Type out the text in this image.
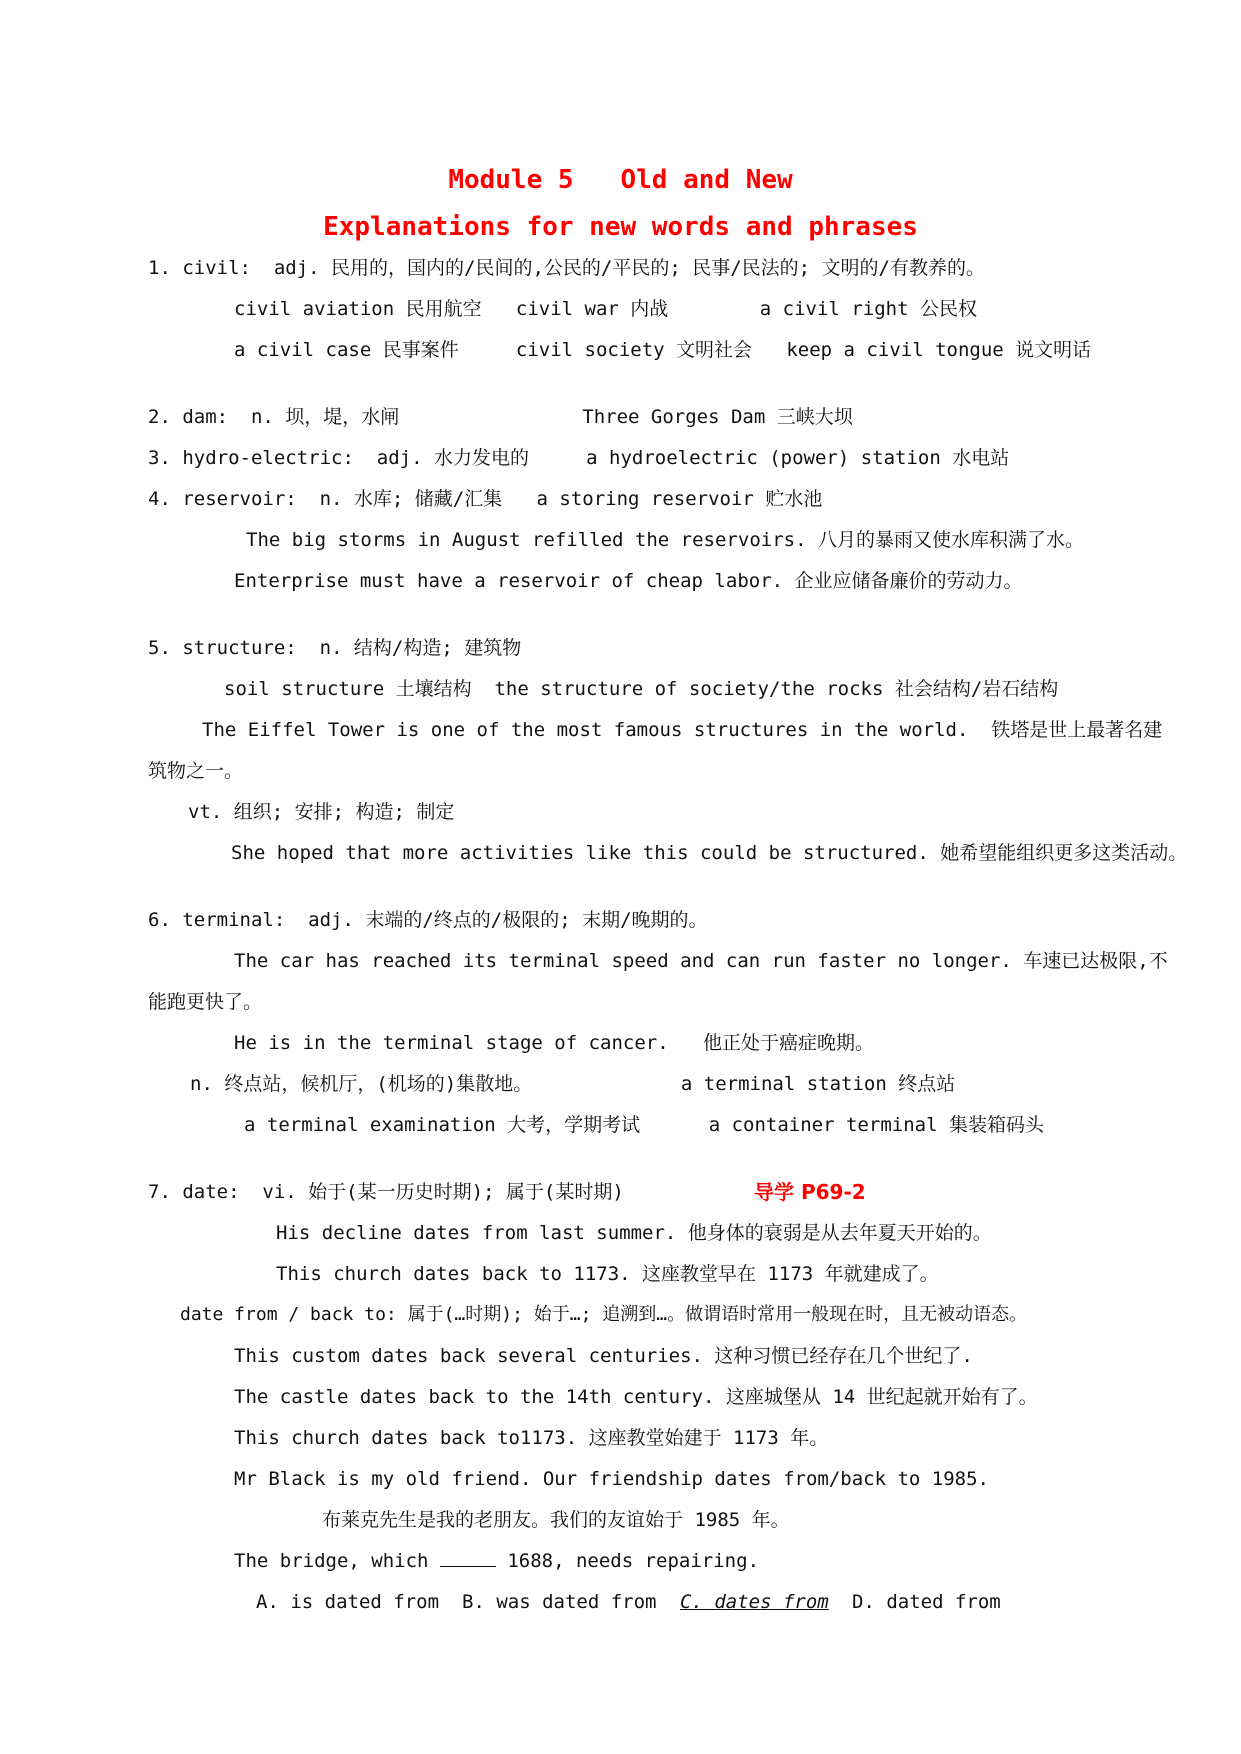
Module 5   Old and New
Explanations for new words and phrases
1. civil:  adj. 民用的，国内的/民间的,公民的/平民的; 民事/民法的; 文明的/有教养的。
civil aviation 民用航空   civil war 内战        a civil right 公民权
a civil case 民事案件     civil society 文明社会   keep a civil tongue 说文明话
2. dam:  n. 坝，堤，水闸                Three Gorges Dam 三峡大坝
3. hydro-electric:  adj. 水力发电的     a hydroelectric (power) station 水电站
4. reservoir:  n. 水库; 储藏/汇集   a storing reservoir 贮水池
The big storms in August refilled the reservoirs. 八月的暴雨又使水库积满了水。
Enterprise must have a reservoir of cheap labor. 企业应储备廉价的劳动力。
5. structure:  n. 结构/构造; 建筑物
soil structure 土壤结构  the structure of society/the rocks 社会结构/岩石结构
The Eiffel Tower is one of the most famous structures in the world.  铁塔是世上最著名建
筑物之一。
vt. 组织; 安排; 构造; 制定
She hoped that more activities like this could be structured. 她希望能组织更多这类活动。
6. terminal:  adj. 末端的/终点的/极限的; 末期/晚期的。
The car has reached its terminal speed and can run faster no longer. 车速已达极限,不
能跑更快了。
He is in the terminal stage of cancer.   他正处于癌症晚期。
n. 终点站，候机厅，(机场的)集散地。             a terminal station 终点站
a terminal examination 大考，学期考试      a container terminal 集装箱码头
7. date:  vi. 始于(某一历史时期); 属于(某时期)	导学 P69-2
His decline dates from last summer. 他身体的衰弱是从去年夏天开始的。
This church dates back to 1173. 这座教堂早在 1173 年就建成了。
date from / back to: 属于(…时期); 始于…; 追溯到…。做谓语时常用一般现在时，且无被动语态。
This custom dates back several centuries. 这种习惯已经存在几个世纪了.
The castle dates back to the 14th century. 这座城堡从 14 世纪起就开始有了。
This church dates back to1173. 这座教堂始建于 1173 年。
Mr Black is my old friend. Our friendship dates from/back to 1985.
布莱克先生是我的老朋友。我们的友谊始于 1985 年。
The bridge, which	1688, needs repairing.
A. is dated from B. was dated from C. dates from D. dated from
